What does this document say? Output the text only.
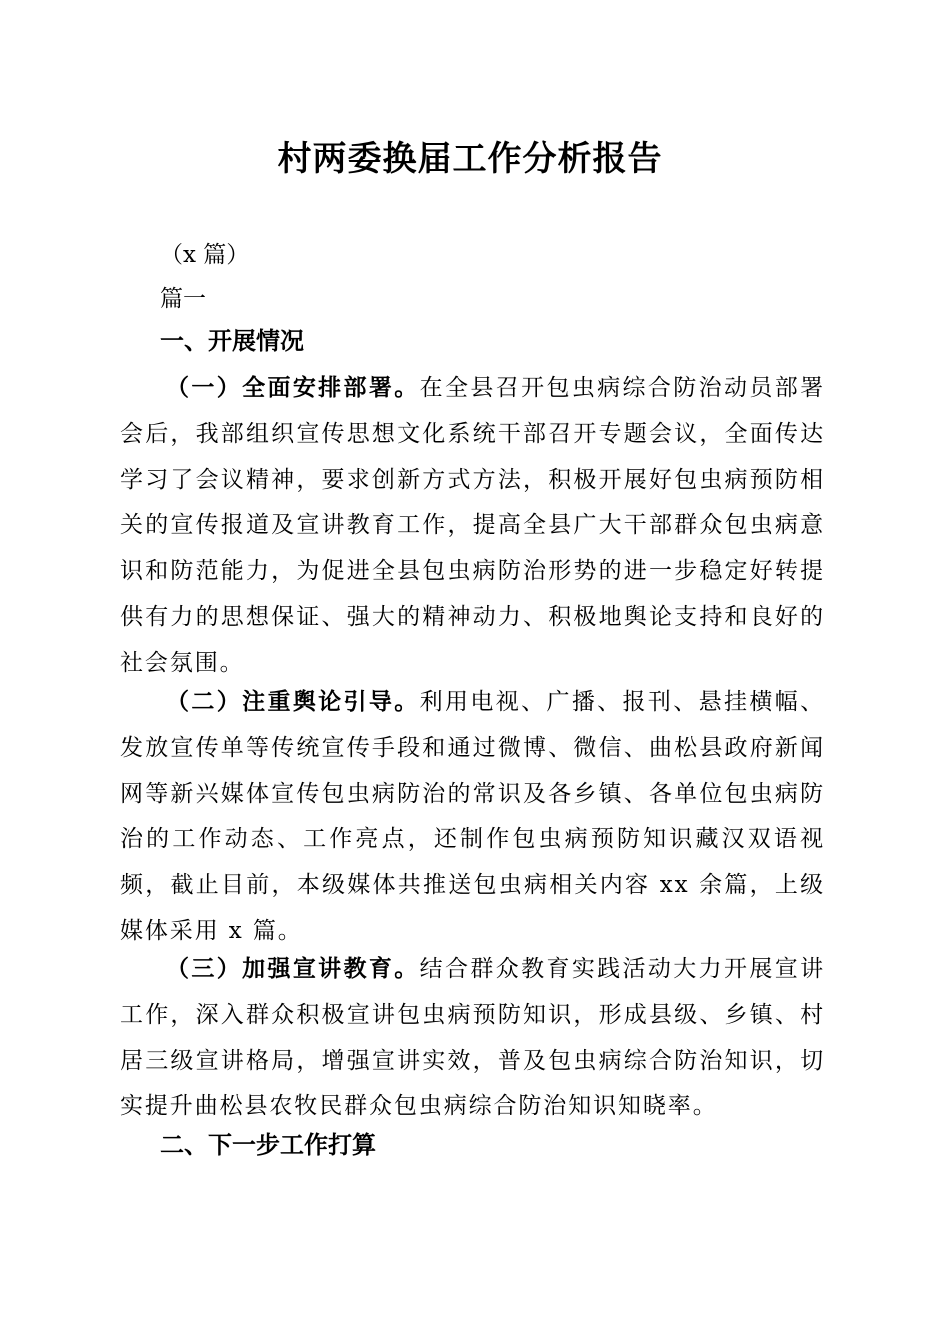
村两委换届工作分析报告

（x 篇）

篇一

一、开展情况

（一）全面安排部署。在全县召开包虫病综合防治动员部署会后，我部组织宣传思想文化系统干部召开专题会议，全面传达学习了会议精神，要求创新方式方法，积极开展好包虫病预防相关的宣传报道及宣讲教育工作，提高全县广大干部群众包虫病意识和防范能力，为促进全县包虫病防治形势的进一步稳定好转提供有力的思想保证、强大的精神动力、积极地舆论支持和良好的社会氛围。

（二）注重舆论引导。利用电视、广播、报刊、悬挂横幅、发放宣传单等传统宣传手段和通过微博、微信、曲松县政府新闻网等新兴媒体宣传包虫病防治的常识及各乡镇、各单位包虫病防治的工作动态、工作亮点，还制作包虫病预防知识藏汉双语视频，截止目前，本级媒体共推送包虫病相关内容 xx 余篇，上级媒体采用 x 篇。

（三）加强宣讲教育。结合群众教育实践活动大力开展宣讲工作，深入群众积极宣讲包虫病预防知识，形成县级、乡镇、村居三级宣讲格局，增强宣讲实效，普及包虫病综合防治知识，切实提升曲松县农牧民群众包虫病综合防治知识知晓率。

二、下一步工作打算
